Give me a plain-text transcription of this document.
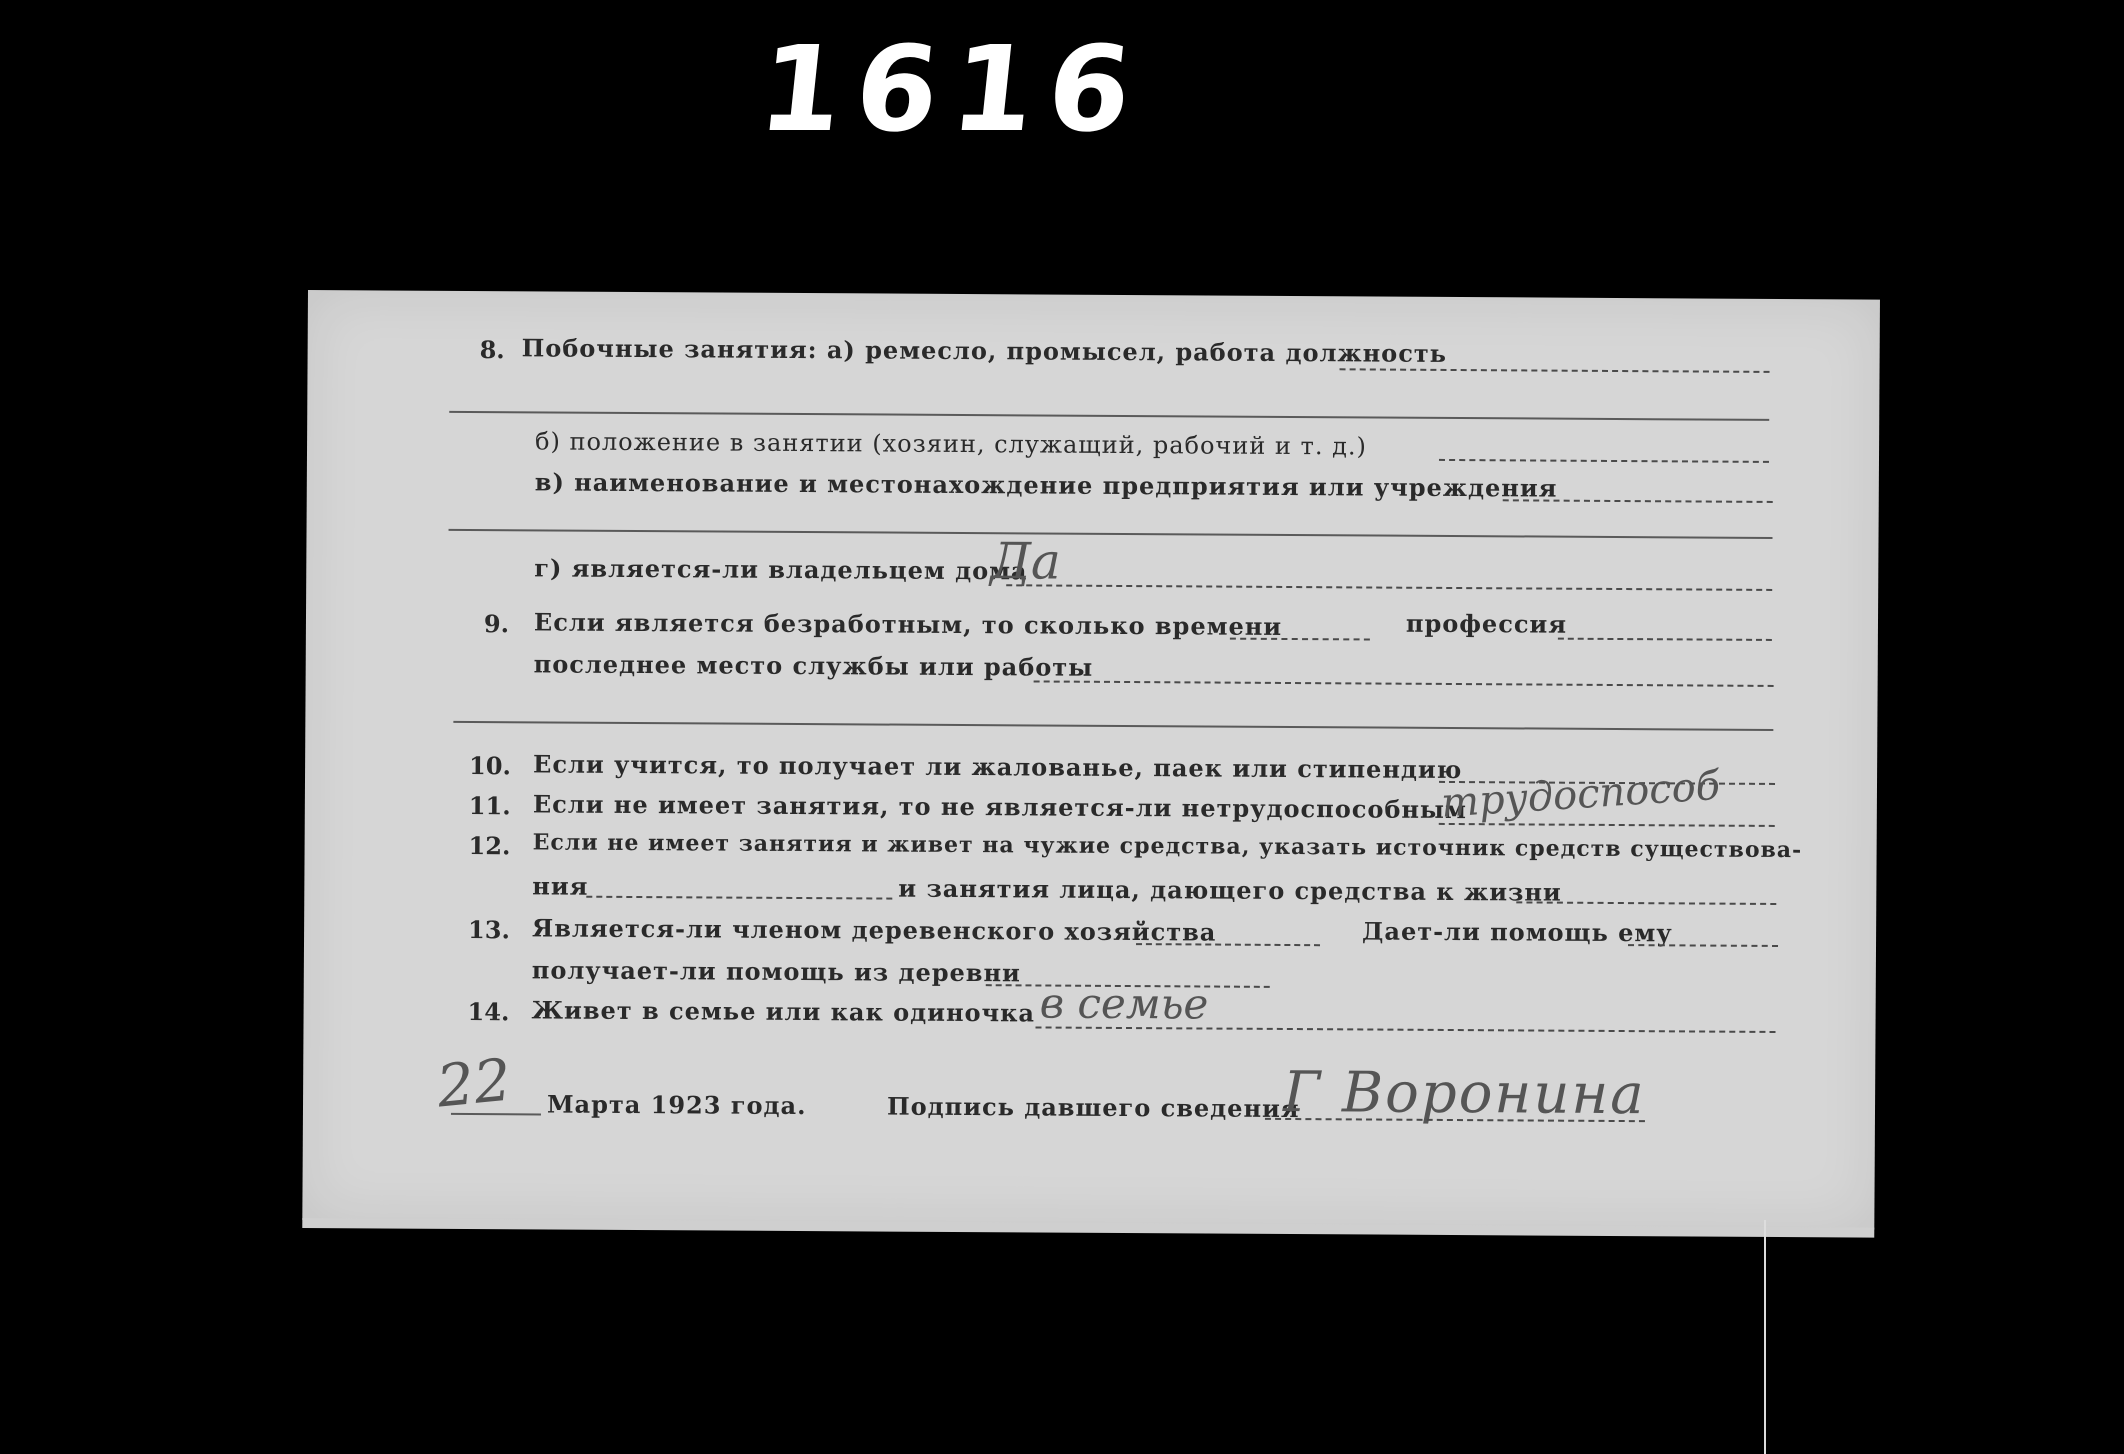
1616
8. Побочные занятия: а) ремесло, промысел, работа должность
б) положение в занятии (хозяин, служащий, рабочий и т. д.)
в) наименование и местонахождение предприятия или учреждения
г) является-ли владельцем дома
Да
9. Если является безработным, то сколько времени	профессия
последнее место службы или работы
10. Если учится, то получает ли жалованье, паек или стипендию
11. Если не имеет занятия, то не является-ли нетрудоспособным
трудоспособ
12. Если не имеет занятия и живет на чужие средства, указать источник средств существова-
ния	и занятия лица, дающего средства к жизни
13. Является-ли членом деревенского хозяйства	Дает-ли помощь ему
получает-ли помощь из деревни
14. Живет в семье или как одиночка в семье
22 Марта 1923 года.	Подпись давшего сведения
Г Воронина
